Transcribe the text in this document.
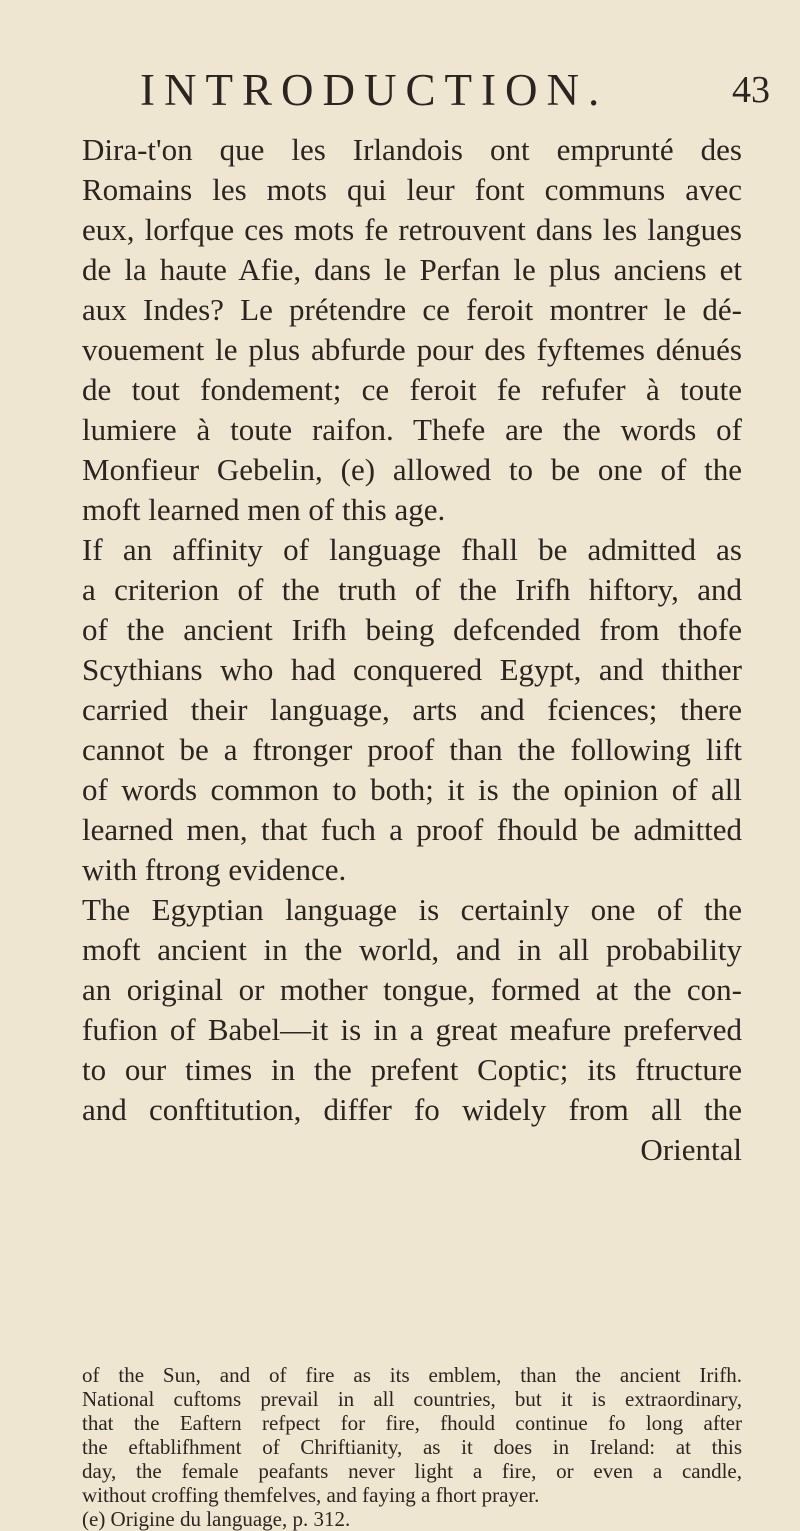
INTRODUCTION.	43
Dira-t'on que les Irlandois ont emprunté des
Romains les mots qui leur font communs avec
eux, lorfque ces mots fe retrouvent dans les langues
de la haute Afie, dans le Perfan le plus anciens et
aux Indes? Le prétendre ce feroit montrer le dé-
vouement le plus abfurde pour des fyftemes dénués
de tout fondement; ce feroit fe refufer à toute
lumiere à toute raifon. Thefe are the words of
Monfieur Gebelin, (e) allowed to be one of the
moft learned men of this age.
If an affinity of language fhall be admitted as
a criterion of the truth of the Irifh hiftory, and
of the ancient Irifh being defcended from thofe
Scythians who had conquered Egypt, and thither
carried their language, arts and fciences; there
cannot be a ftronger proof than the following lift
of words common to both; it is the opinion of all
learned men, that fuch a proof fhould be admitted
with ftrong evidence.
The Egyptian language is certainly one of the
moft ancient in the world, and in all probability
an original or mother tongue, formed at the con-
fufion of Babel—it is in a great meafure preferved
to our times in the prefent Coptic; its ftructure
and conftitution, differ fo widely from all the
Oriental
of the Sun, and of fire as its emblem, than the ancient Irifh.
National cuftoms prevail in all countries, but it is extraordinary,
that the Eaftern refpect for fire, fhould continue fo long after
the eftablifhment of Chriftianity, as it does in Ireland: at this
day, the female peafants never light a fire, or even a candle,
without croffing themfelves, and faying a fhort prayer.
(e) Origine du language, p. 312.
